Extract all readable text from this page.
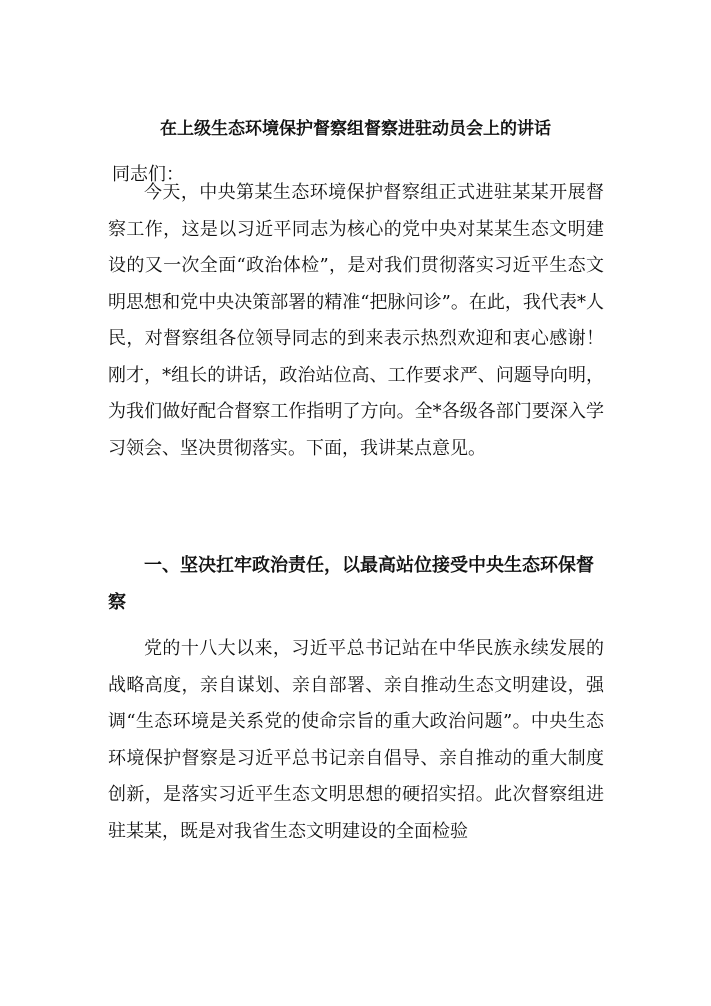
在上级生态环境保护督察组督察进驻动员会上的讲话
同志们：

今天，中央第某生态环境保护督察组正式进驻某某开展督察工作，这是以习近平同志为核心的党中央对某某生态文明建设的又一次全面“政治体检”，是对我们贯彻落实习近平生态文明思想和党中央决策部署的精准“把脉问诊”。在此，我代表*人民，对督察组各位领导同志的到来表示热烈欢迎和衷心感谢！刚才，*组长的讲话，政治站位高、工作要求严、问题导向明，为我们做好配合督察工作指明了方向。全*各级各部门要深入学习领会、坚决贯彻落实。下面，我讲某点意见。

一、坚决扛牢政治责任，以最高站位接受中央生态环保督察

党的十八大以来，习近平总书记站在中华民族永续发展的战略高度，亲自谋划、亲自部署、亲自推动生态文明建设，强调“生态环境是关系党的使命宗旨的重大政治问题”。中央生态环境保护督察是习近平总书记亲自倡导、亲自推动的重大制度创新，是落实习近平生态文明思想的硬招实招。此次督察组进驻某某，既是对我省生态文明建设的全面检验
